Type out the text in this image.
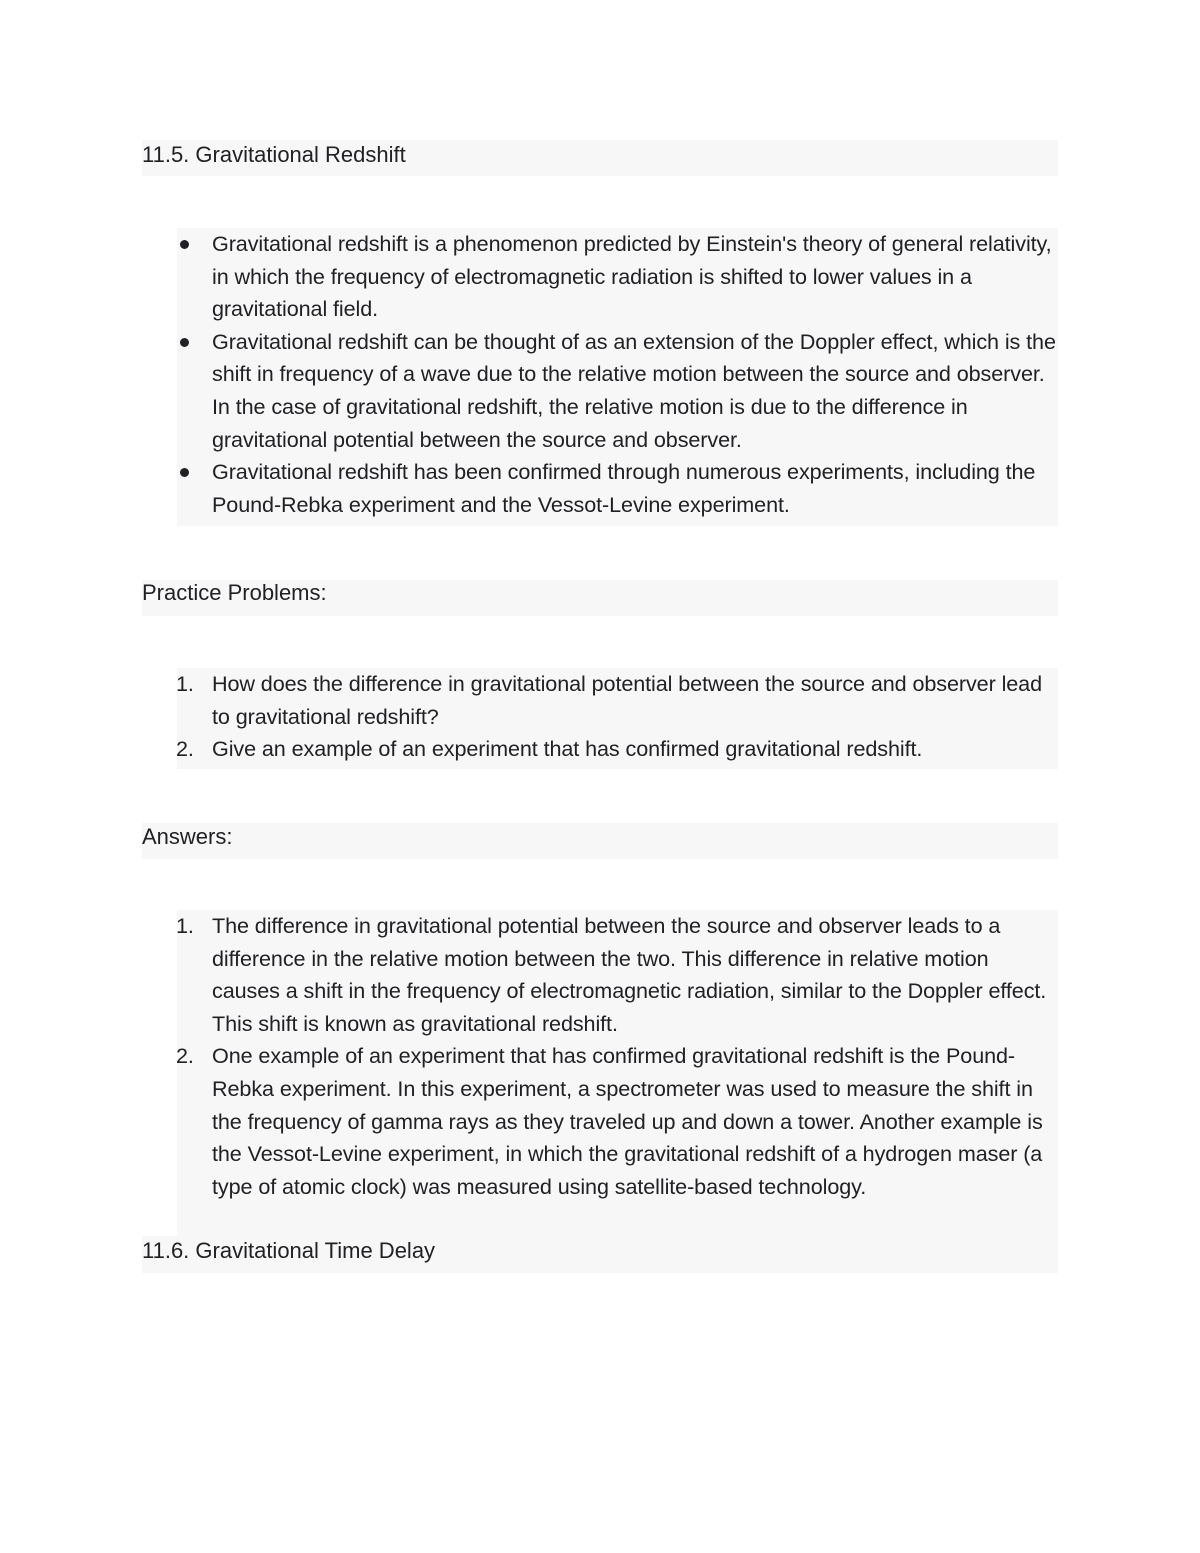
11.5. Gravitational Redshift
Gravitational redshift is a phenomenon predicted by Einstein's theory of general relativity, in which the frequency of electromagnetic radiation is shifted to lower values in a gravitational field.
Gravitational redshift can be thought of as an extension of the Doppler effect, which is the shift in frequency of a wave due to the relative motion between the source and observer. In the case of gravitational redshift, the relative motion is due to the difference in gravitational potential between the source and observer.
Gravitational redshift has been confirmed through numerous experiments, including the Pound-Rebka experiment and the Vessot-Levine experiment.
Practice Problems:
1. How does the difference in gravitational potential between the source and observer lead to gravitational redshift?
2. Give an example of an experiment that has confirmed gravitational redshift.
Answers:
1. The difference in gravitational potential between the source and observer leads to a difference in the relative motion between the two. This difference in relative motion causes a shift in the frequency of electromagnetic radiation, similar to the Doppler effect. This shift is known as gravitational redshift.
2. One example of an experiment that has confirmed gravitational redshift is the Pound-Rebka experiment. In this experiment, a spectrometer was used to measure the shift in the frequency of gamma rays as they traveled up and down a tower. Another example is the Vessot-Levine experiment, in which the gravitational redshift of a hydrogen maser (a type of atomic clock) was measured using satellite-based technology.
11.6. Gravitational Time Delay
